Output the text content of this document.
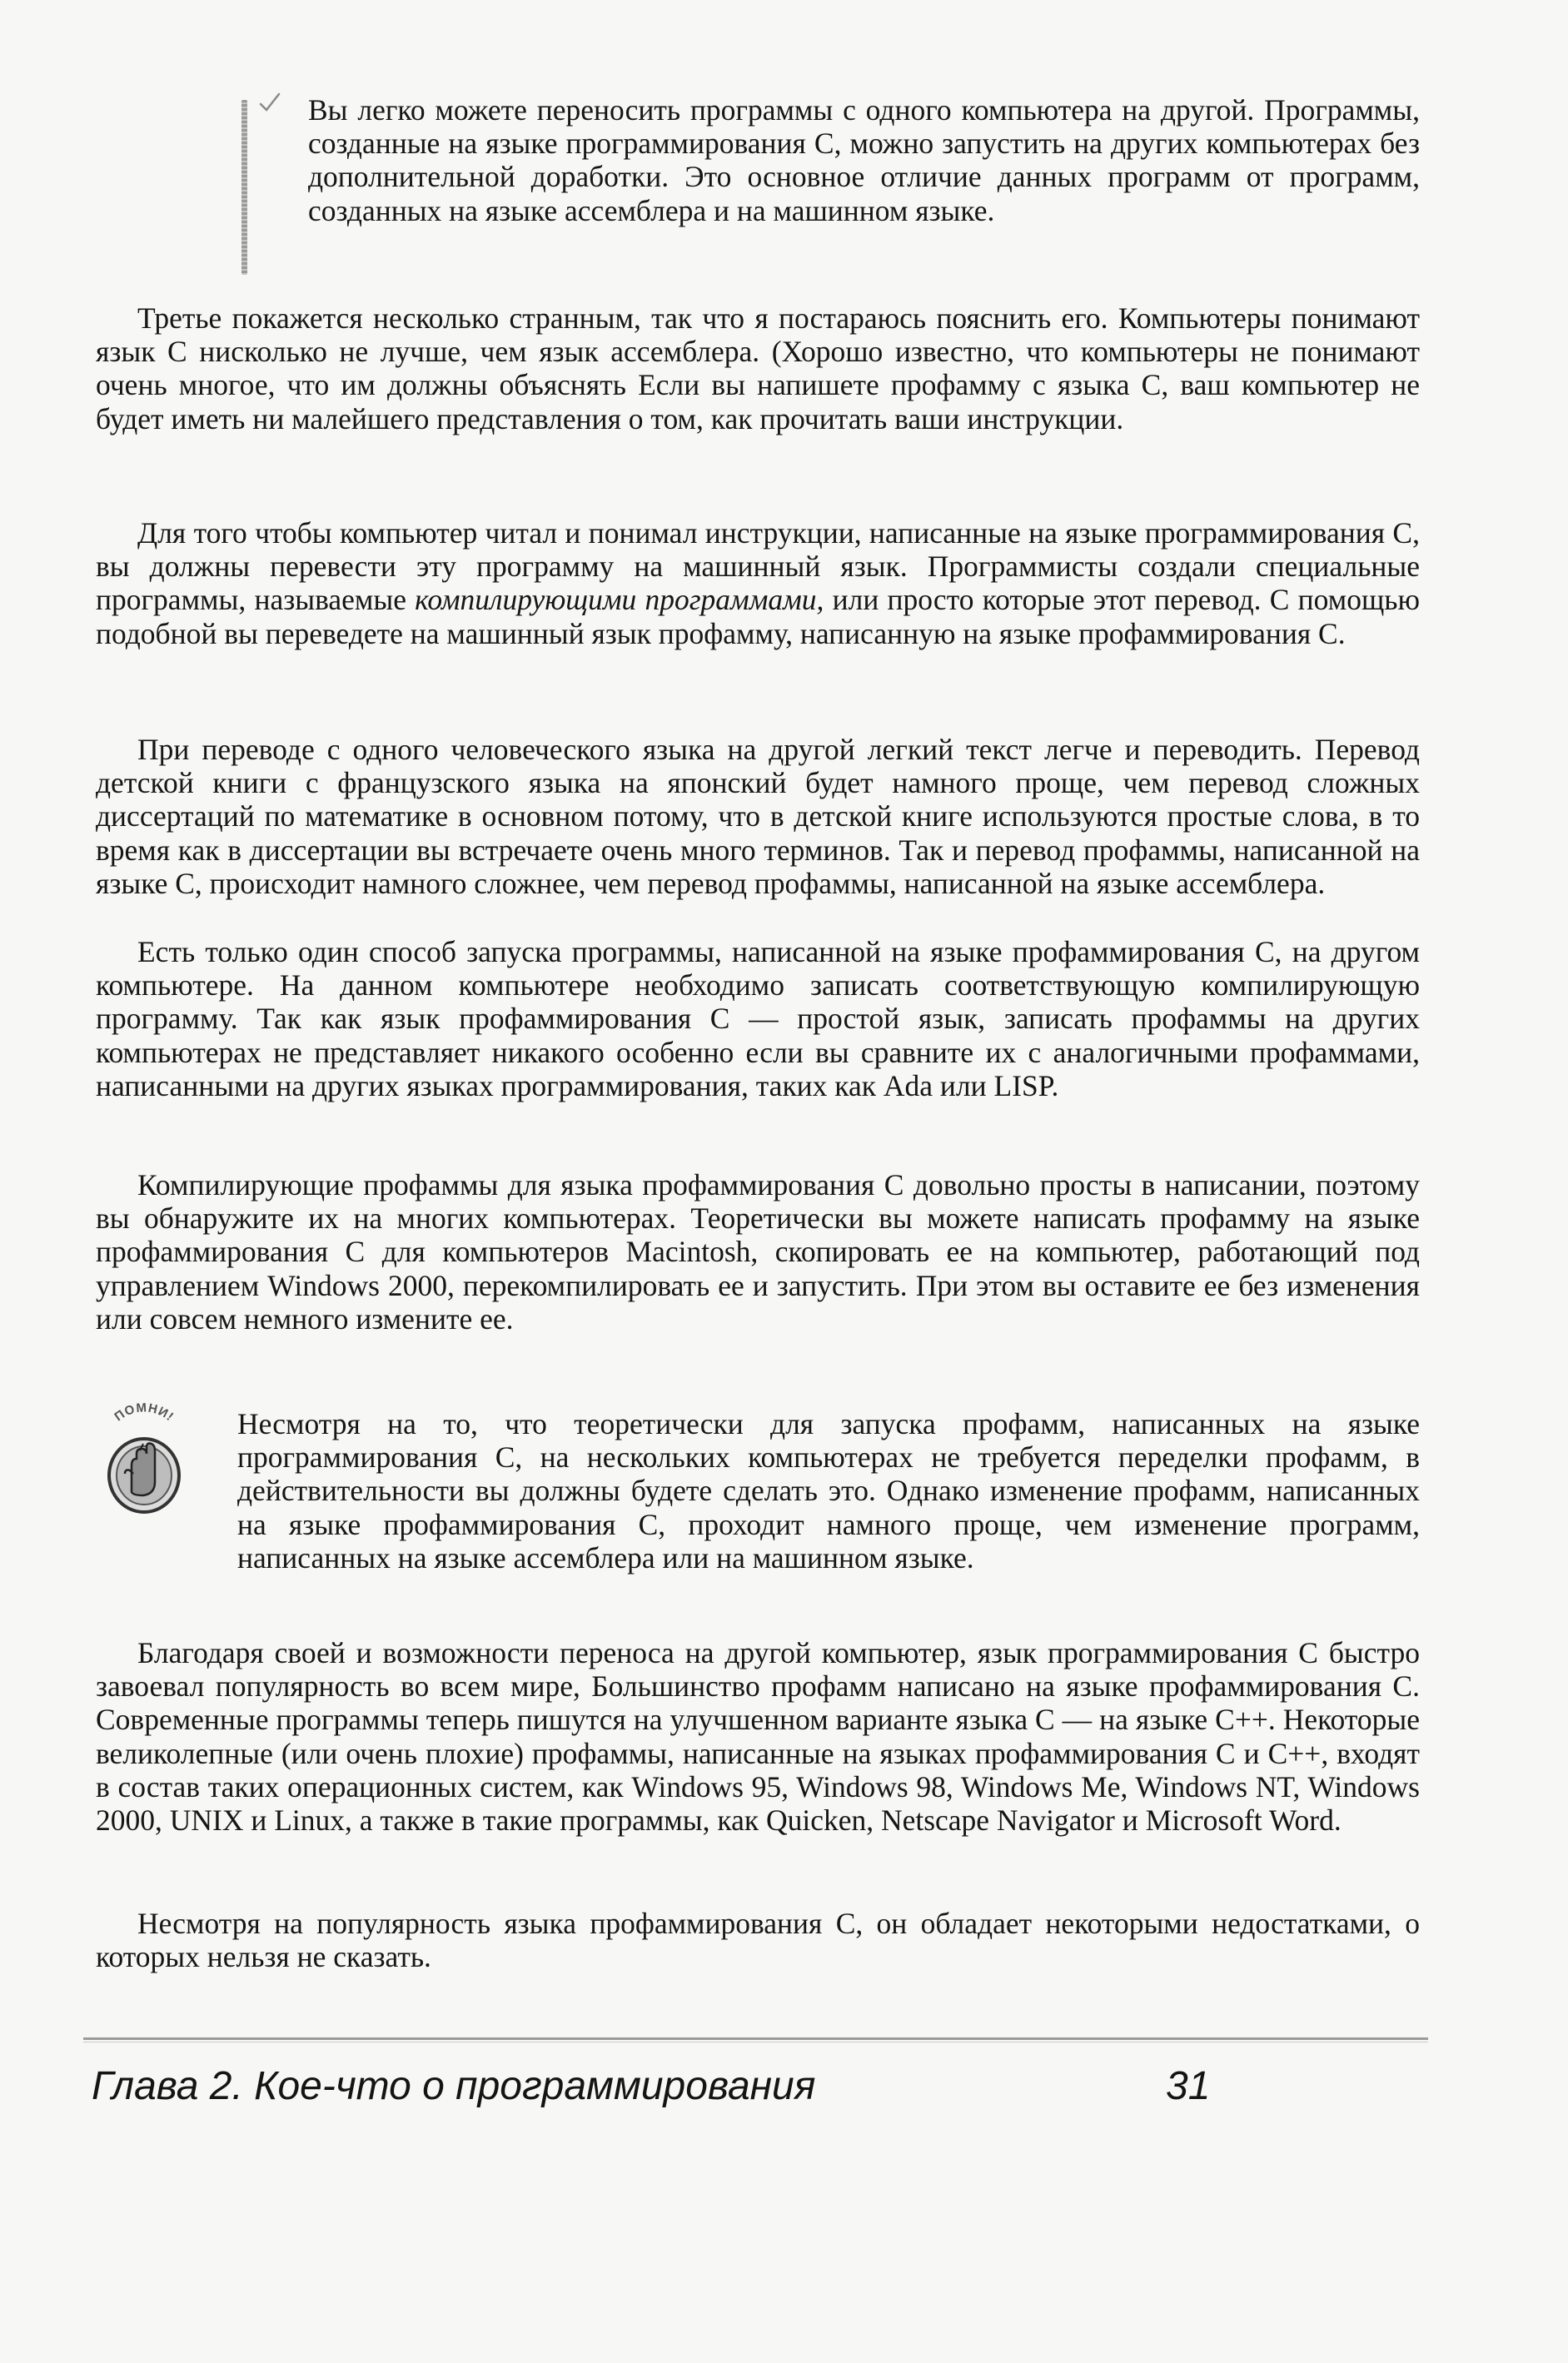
Вы легко можете переносить программы с одного компьютера на другой. Программы, созданные на языке программирования С, можно запустить на других компьютерах без дополнительной доработки. Это основное отличие данных программ от программ, созданных на языке ассемблера и на машинном языке.

Третье покажется несколько странным, так что я постараюсь пояснить его. Компьютеры понимают язык С нисколько не лучше, чем язык ассемблера. (Хорошо известно, что компьютеры не понимают очень многое, что им должны объяснять Если вы напишете профамму с языка С, ваш компьютер не будет иметь ни малейшего представления о том, как прочитать ваши инструкции.

Для того чтобы компьютер читал и понимал инструкции, написанные на языке программирования С, вы должны перевести эту программу на машинный язык. Программисты создали специальные программы, называемые компилирующими программами, или просто которые этот перевод. С помощью подобной вы переведете на машинный язык профамму, написанную на языке профаммирования С.

При переводе с одного человеческого языка на другой легкий текст легче и переводить. Перевод детской книги с французского языка на японский будет намного проще, чем перевод сложных диссертаций по математике в основном потому, что в детской книге используются простые слова, в то время как в диссертации вы встречаете очень много терминов. Так и перевод профаммы, написанной на языке С, происходит намного сложнее, чем перевод профаммы, написанной на языке ассемблера.

Есть только один способ запуска программы, написанной на языке профаммирования С, на другом компьютере. На данном компьютере необходимо записать соответствующую компилирующую программу. Так как язык профаммирования С — простой язык, записать профаммы на других компьютерах не представляет никакого особенно если вы сравните их с аналогичными профаммами, написанными на других языках программирования, таких как Ada или LISP.

Компилирующие профаммы для языка профаммирования С довольно просты в написании, поэтому вы обнаружите их на многих компьютерах. Теоретически вы можете написать профамму на языке профаммирования С для компьютеров Macintosh, скопировать ее на компьютер, работающий под управлением Windows 2000, перекомпилировать ее и запустить. При этом вы оставите ее без изменения или совсем немного измените ее.

ПОМНИ! Несмотря на то, что теоретически для запуска профамм, написанных на языке программирования С, на нескольких компьютерах не требуется переделки профамм, в действительности вы должны будете сделать это. Однако изменение профамм, написанных на языке профаммирования С, проходит намного проще, чем изменение программ, написанных на языке ассемблера или на машинном языке.

Благодаря своей и возможности переноса на другой компьютер, язык программирования С быстро завоевал популярность во всем мире, Большинство профамм написано на языке профаммирования С. Современные программы теперь пишутся на улучшенном варианте языка С — на языке С++. Некоторые великолепные (или очень плохие) профаммы, написанные на языках профаммирования С и С++, входят в состав таких операционных систем, как Windows 95, Windows 98, Windows Me, Windows NT, Windows 2000, UNIX и Linux, а также в такие программы, как Quicken, Netscape Navigator и Microsoft Word.

Несмотря на популярность языка профаммирования С, он обладает некоторыми недостатками, о которых нельзя не сказать.

Глава 2. Кое-что о программирования	31
